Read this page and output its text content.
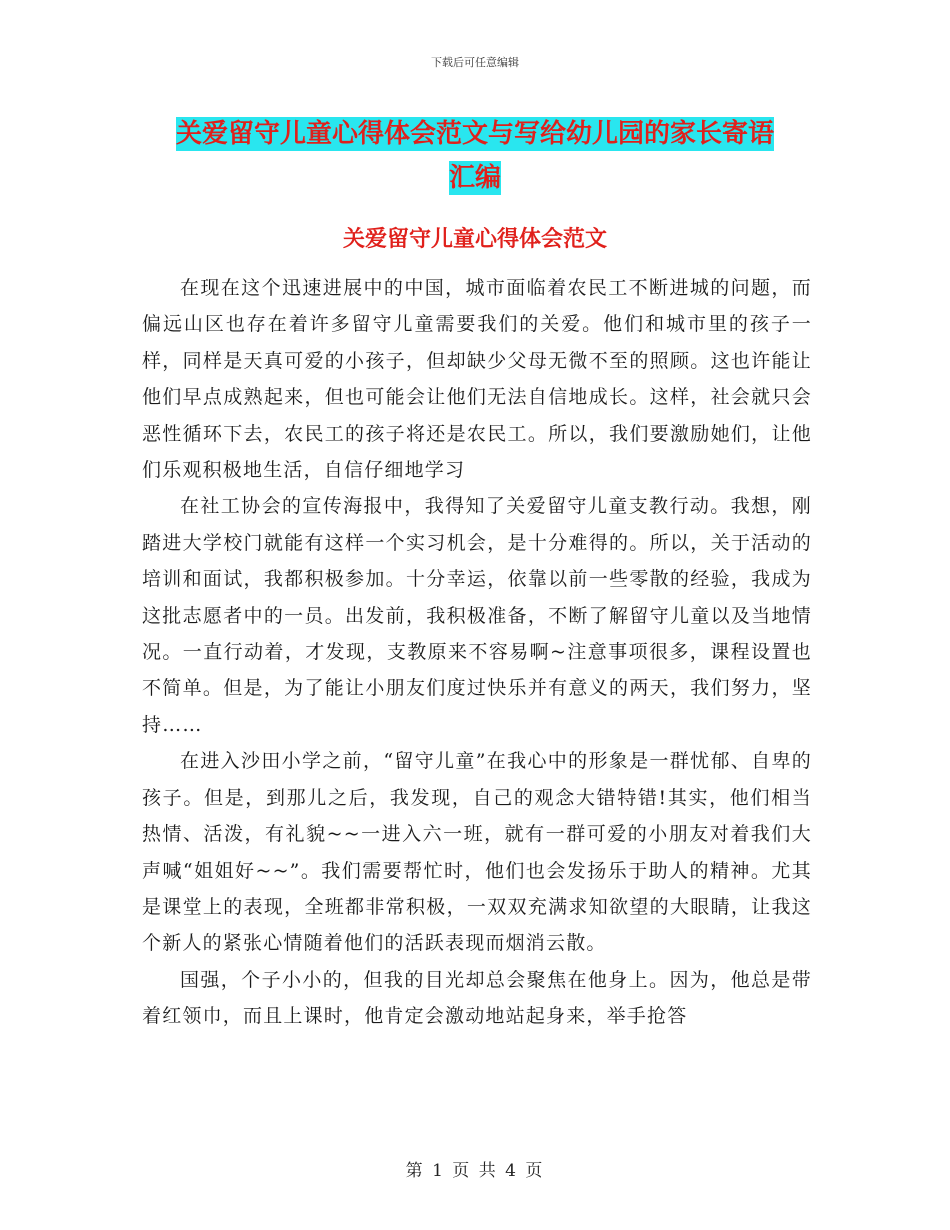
下载后可任意编辑
关爱留守儿童心得体会范文与写给幼儿园的家长寄语
汇编
关爱留守儿童心得体会范文

在现在这个迅速进展中的中国，城市面临着农民工不断进城的问题，而偏远山区也存在着许多留守儿童需要我们的关爱。他们和城市里的孩子一样，同样是天真可爱的小孩子，但却缺少父母无微不至的照顾。这也许能让他们早点成熟起来，但也可能会让他们无法自信地成长。这样，社会就只会恶性循环下去，农民工的孩子将还是农民工。所以，我们要激励她们，让他们乐观积极地生活，自信仔细地学习

在社工协会的宣传海报中，我得知了关爱留守儿童支教行动。我想，刚踏进大学校门就能有这样一个实习机会，是十分难得的。所以，关于活动的培训和面试，我都积极参加。十分幸运，依靠以前一些零散的经验，我成为这批志愿者中的一员。出发前，我积极准备，不断了解留守儿童以及当地情况。一直行动着，才发现，支教原来不容易啊~注意事项很多，课程设置也不简单。但是，为了能让小朋友们度过快乐并有意义的两天，我们努力，坚持……

在进入沙田小学之前，“留守儿童”在我心中的形象是一群忧郁、自卑的孩子。但是，到那儿之后，我发现，自己的观念大错特错!其实，他们相当热情、活泼，有礼貌~~一进入六一班，就有一群可爱的小朋友对着我们大声喊“姐姐好~~”。我们需要帮忙时，他们也会发扬乐于助人的精神。尤其是课堂上的表现，全班都非常积极，一双双充满求知欲望的大眼睛，让我这个新人的紧张心情随着他们的活跃表现而烟消云散。

国强，个子小小的，但我的目光却总会聚焦在他身上。因为，他总是带着红领巾，而且上课时，他肯定会激动地站起身来，举手抢答

第 1 页 共 4 页
